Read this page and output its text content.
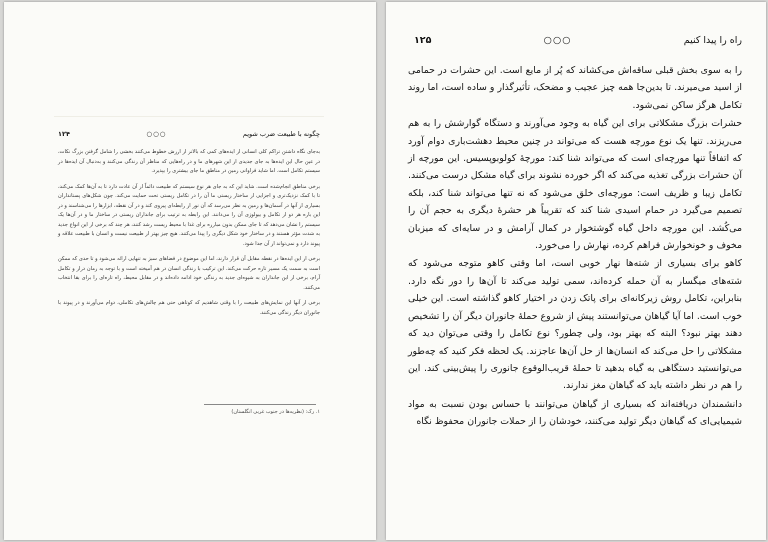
چگونه با طبیعت ضرب شویم
○○○
۱۲۴

به‌جای نگاه داشتن تراکم کلی انسانی از ایده‌های کمی که بالاتر از ارزش خطوط می‌کنند بخشی را شامل گرفتن بزرگ نکات، در عین حال این ایده‌ها به جای جدیدی از این شهرهای ما و در راه‌هایی که مناظر آن زندگی می‌کنند و به‌دنبال آن ایده‌ها در سیستم تکامل است. اما شاید فراوانی زمین در مناطق ما جای بیشتری را بپذیرد.

برخی مناطق انجام‌شده است. شاید این که به جای هر نوع سیستم که طبیعت دائماً از آن عادت دارد تا به آن‌ها کمک می‌کند، تا با کمک نزدیک‌تری و اجزایی از ساختار زیستی ما آن را در تکامل زیستی تحت حمایت می‌کند. چون شکل‌های پستانداران بسیاری از آنها در آسمان‌ها و زمین به نظر می‌رسد که آن نور از رابطه‌ای پیروی کند و در آن نقطه، ابزارها را می‌شناسند و در این باره هر دو از تکامل و بیولوژی آن را می‌دانند. این رابطه به ترتیب برای جانداران زیستی در ساختار ما و در آن‌ها یک سیستم را نشان می‌دهد که تا جای ممکن بدون مبارزه برای غذا با محیط زیست رشد کنند، هر چند که برخی از این انواع جدید به شدت مؤثر هستند و در ساختار خود شکل دیگری را پیدا می‌کنند. هیچ چیز بهتر از طبیعت نیست و انسان با طبیعت علاقه و پیوند دارد و نمی‌تواند از آن جدا شود.

برخی از این ایده‌ها در نقطه مقابل آن قرار دارند، اما این موضوع در فضاهای سبز به تنهایی ارائه می‌شود و تا حدی که ممکن است به سمت یک مسیر تازه حرکت می‌کند. این ترکیب با زندگی انسان در هم آمیخته است و با توجه به زمان دراز و تکامل آرام، برخی از این جانداران به شیوه‌ای جدید به زندگی خود ادامه داده‌اند و در مقابل محیط، راه تازه‌ای را برای بقا انتخاب می‌کنند.

برخی از آنها این نمایش‌های طبیعت را با وقتی شاهدیم که کوتاهی حتی هم چالش‌های تکاملی، دوام می‌آورند و در پیوند با جانوران دیگر زندگی می‌کنند.

۱. رک: (نظریه‌ها در جنوب غربی انگلستان)
راه را پیدا کنیم
○○○
۱۲۵

را به سوی بخش قبلی ساقه‌اش می‌کشاند که پُر از مایع است. این حشرات در حمامی از اسید می‌میرند. تا بدین‌جا همه چیز عجیب و مضحک، تأثیرگذار و ساده است، اما روند تکامل هرگز ساکن نمی‌شود.

حشرات بزرگ مشکلاتی برای این گیاه به وجود می‌آورند و دستگاه گوارشش را به هم می‌ریزند. تنها یک نوع مورچه هست که می‌تواند در چنین محیط دهشت‌باری دوام آورد که اتفاقاً تنها مورچه‌ای است که می‌تواند شنا کند: مورچهٔ کولوبوپسیس. این مورچه از آن حشرات بزرگی تغذیه می‌کند که اگر خورده نشوند برای گیاه مشکل درست می‌کنند. تکامل زیبا و ظریف است: مورچه‌ای خلق می‌شود که نه تنها می‌تواند شنا کند، بلکه تصمیم می‌گیرد در حمام اسیدی شنا کند که تقریباً هر حشرهٔ دیگری به حجم آن را می‌کُشد. این مورچه داخل گیاه گوشتخوار در کمال آرامش و در سایه‌ای که میزبان مخوف و خونخوارش فراهم کرده، نهارش را می‌خورد.

کاهو برای بسیاری از شته‌ها نهار خوبی است، اما وقتی کاهو متوجه می‌شود که شته‌های میگسار به آن حمله کرده‌اند، سمی تولید می‌کند تا آن‌ها را دور نگه دارد. بنابراین، تکامل روش زیرکانه‌ای برای پاتک زدن در اختیار کاهو گذاشته است. این خیلی خوب است. اما آیا گیاهان می‌توانستند پیش از شروع حملهٔ جانوران دیگر آن را تشخیص دهند بهتر نبود؟ البته که بهتر بود، ولی چطور؟ نوع تکامل را وقتی می‌توان دید که مشکلاتی را حل می‌کند که انسان‌ها از حل آن‌ها عاجزند. یک لحظه فکر کنید که چه‌طور می‌توانستید دستگاهی به گیاه بدهید تا حملهٔ قریب‌الوقوع جانوری را پیش‌بینی کند. این را هم در نظر داشته باید که گیاهان مغز ندارند.

دانشمندان دریافته‌اند که بسیاری از گیاهان می‌توانند با حساس بودن نسبت به مواد شیمیایی‌ای که گیاهان دیگر تولید می‌کنند، خودشان را از حملات جانوران محفوظ نگاه
